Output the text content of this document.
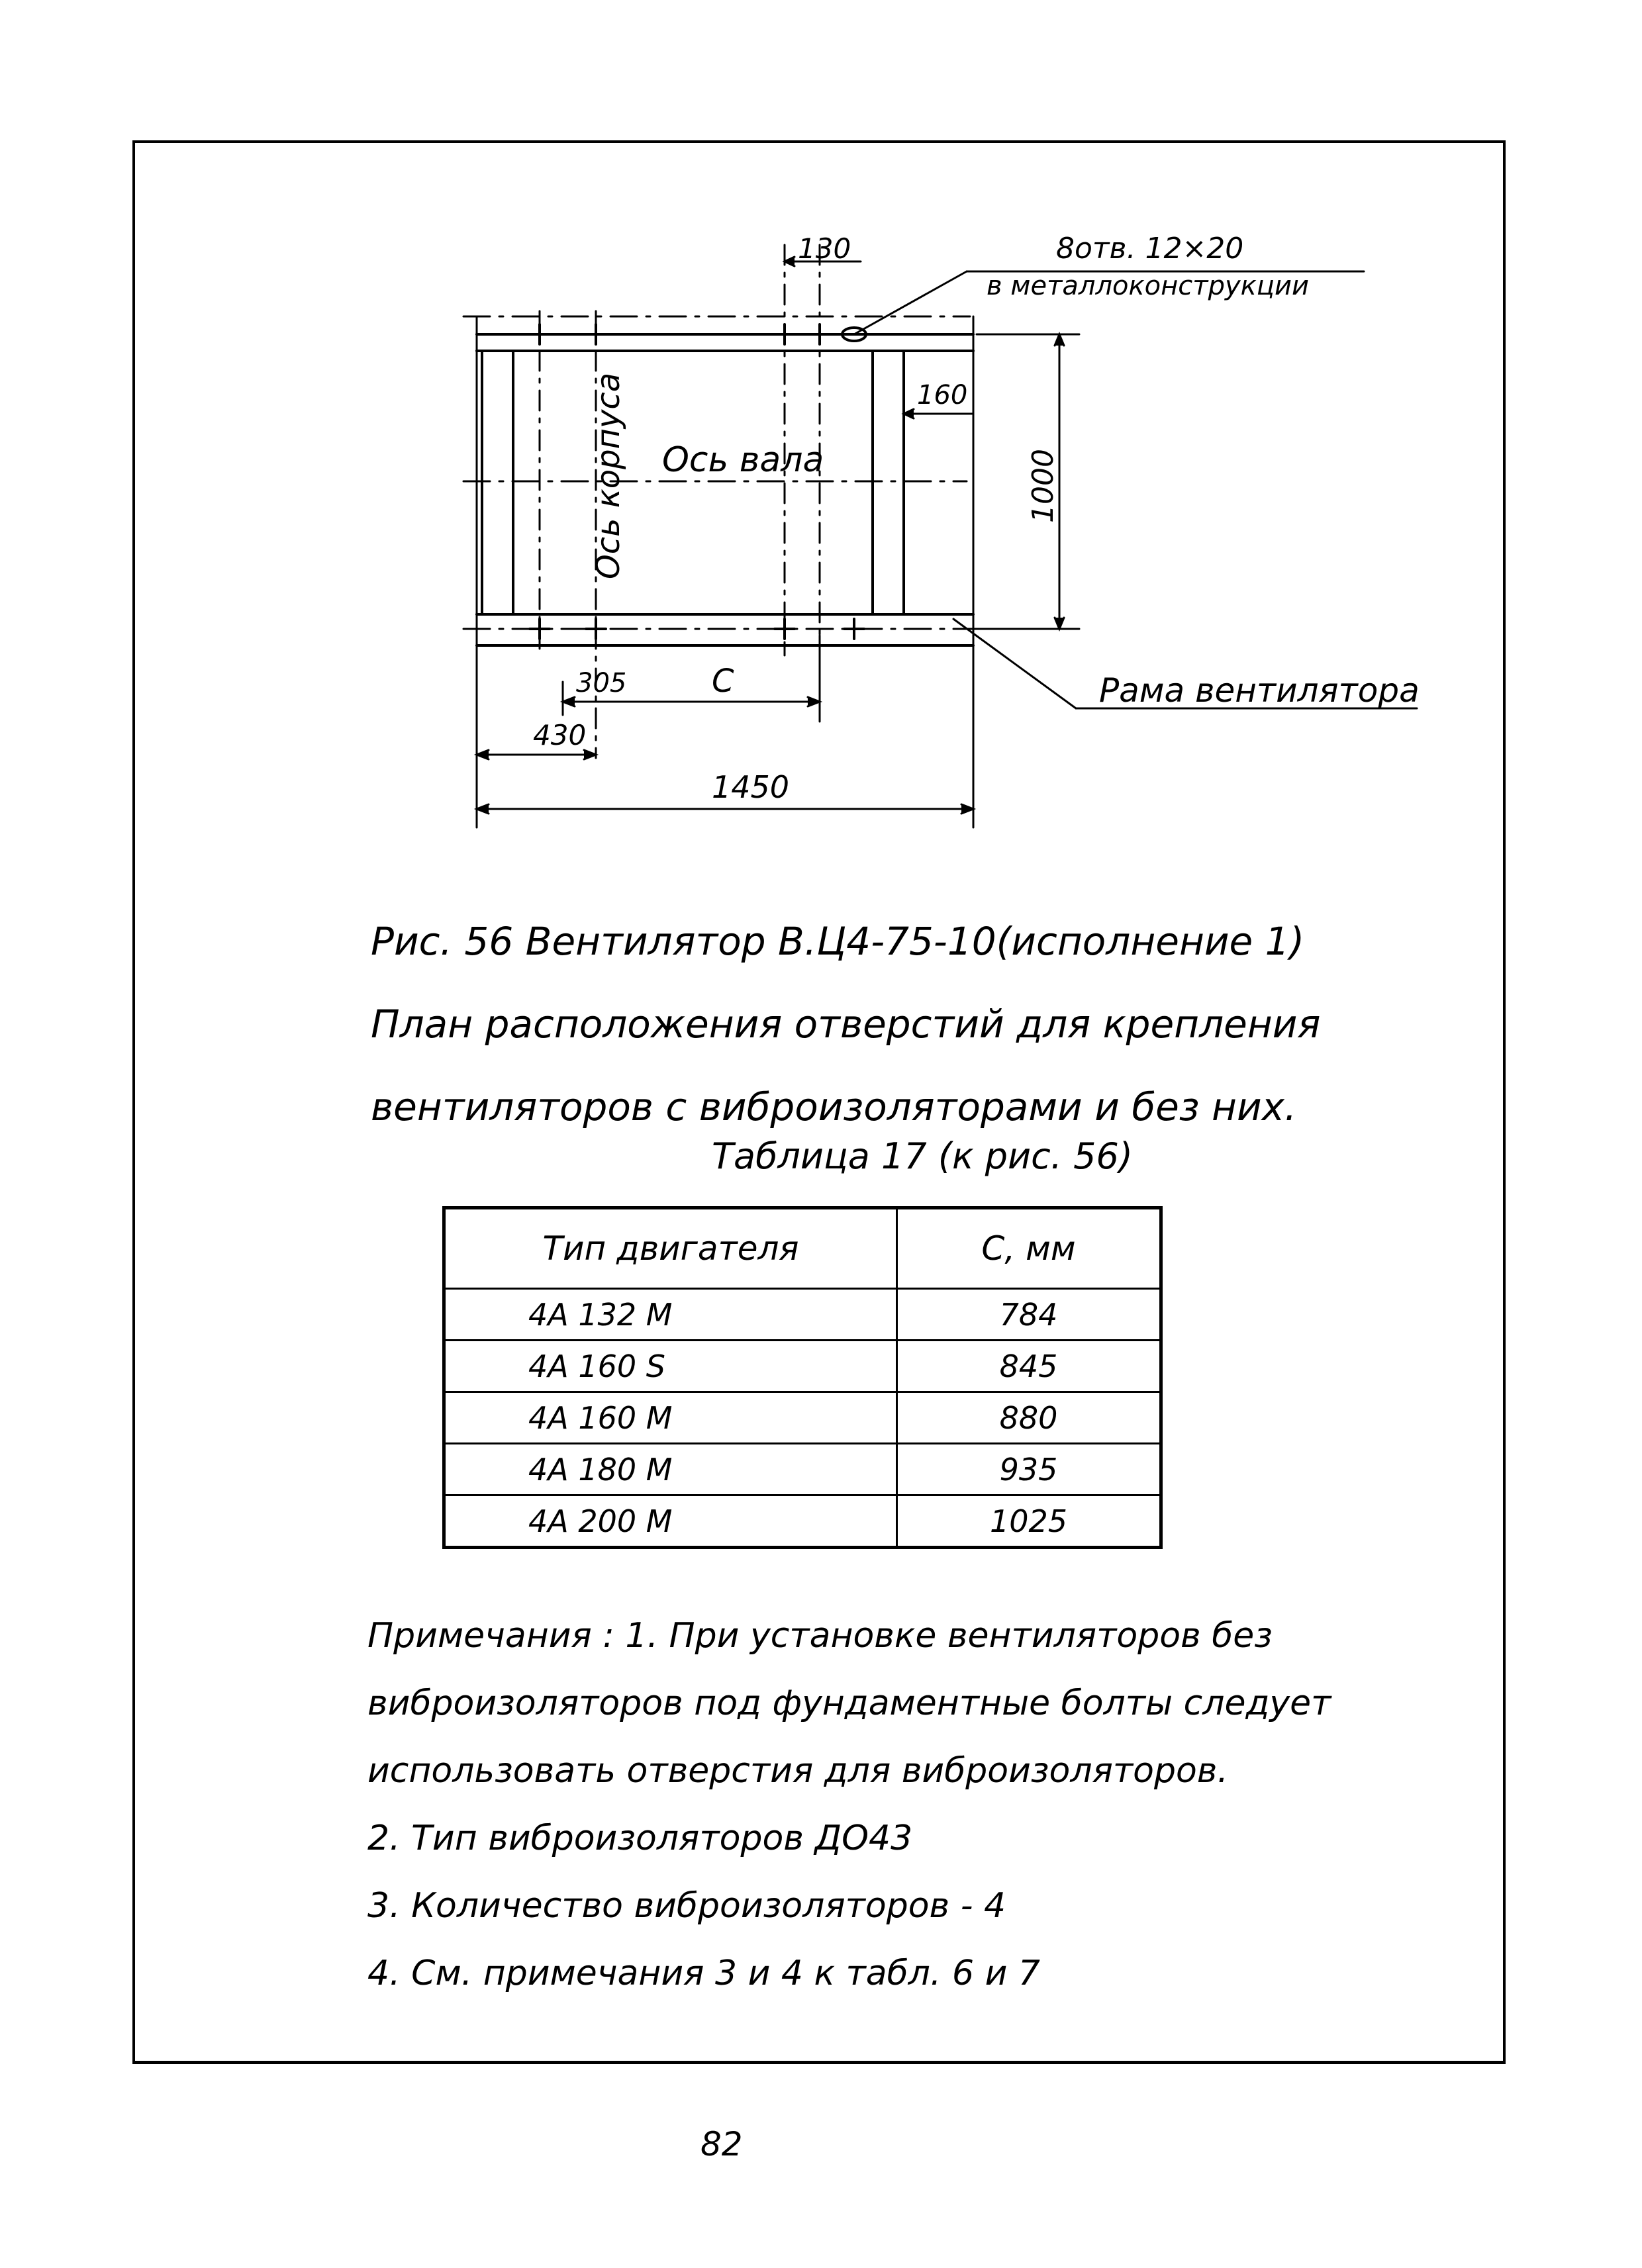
130	8отв. 12×20
в металлоконструкции
160
1000
Ось вала
Ось корпуса
305	С
430
1450
Рама вентилятора
Рис. 56 Вентилятор В.Ц4-75-10(исполнение 1)
План расположения отверстий для крепления
вентиляторов с виброизоляторами и без них.
Таблица 17 (к рис. 56)
Тип двигателя	С, мм
4А 132 М	784
4А 160 S	845
4А 160 М	880
4А 180 М	935
4А 200 М	1025
Примечания : 1. При установке вентиляторов без
виброизоляторов под фундаментные болты следует
использовать отверстия для виброизоляторов.
2. Тип виброизоляторов ДО43
3. Количество виброизоляторов - 4
4. См. примечания 3 и 4 к табл. 6 и 7
82
